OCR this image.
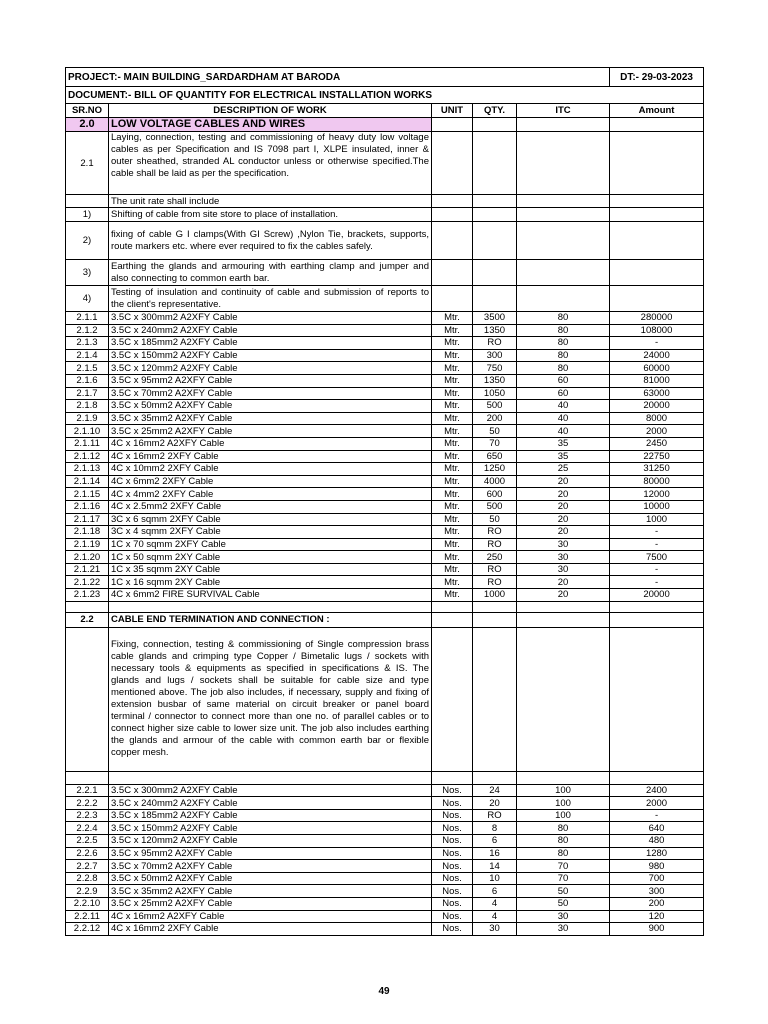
PROJECT:- MAIN BUILDING_SARDARDHAM AT BARODA					DT:- 29-03-2023
DOCUMENT:- BILL OF QUANTITY FOR ELECTRICAL INSTALLATION WORKS					
SR.NO	DESCRIPTION OF WORK	UNIT	QTY.	ITC	Amount
2.0	LOW VOLTAGE CABLES AND WIRES				
2.1	Laying, connection, testing and commissioning of heavy duty low voltage cables as per Specification and IS 7098 part I, XLPE insulated, inner & outer sheathed, stranded AL conductor unless or otherwise specified.The cable shall be laid as per the specification.				
	The unit rate shall include				
1)	Shifting of cable from site store to place of installation.				
2)	fixing of cable G I clamps(With GI Screw) ,Nylon Tie, brackets, supports, route markers etc. where ever required to fix the cables safely.				
3)	Earthing the glands and armouring with earthing clamp and jumper and also connecting to common earth bar.				
4)	Testing of insulation and continuity of cable and submission of reports to the client's representative.				
2.1.1	3.5C x 300mm2 A2XFY Cable	Mtr.	3500	80	280000
2.1.2	3.5C x 240mm2 A2XFY Cable	Mtr.	1350	80	108000
2.1.3	3.5C x 185mm2 A2XFY Cable	Mtr.	RO	80	-
2.1.4	3.5C x 150mm2 A2XFY Cable	Mtr.	300	80	24000
2.1.5	3.5C x 120mm2 A2XFY Cable	Mtr.	750	80	60000
2.1.6	3.5C x 95mm2 A2XFY Cable	Mtr.	1350	60	81000
2.1.7	3.5C x 70mm2 A2XFY Cable	Mtr.	1050	60	63000
2.1.8	3.5C x 50mm2 A2XFY Cable	Mtr.	500	40	20000
2.1.9	3.5C x 35mm2 A2XFY Cable	Mtr.	200	40	8000
2.1.10	3.5C x 25mm2 A2XFY Cable	Mtr.	50	40	2000
2.1.11	4C x 16mm2 A2XFY Cable	Mtr.	70	35	2450
2.1.12	4C x 16mm2 2XFY Cable	Mtr.	650	35	22750
2.1.13	4C x 10mm2 2XFY Cable	Mtr.	1250	25	31250
2.1.14	4C x 6mm2 2XFY Cable	Mtr.	4000	20	80000
2.1.15	4C x 4mm2 2XFY Cable	Mtr.	600	20	12000
2.1.16	4C x 2.5mm2 2XFY Cable	Mtr.	500	20	10000
2.1.17	3C x 6 sqmm 2XFY Cable	Mtr.	50	20	1000
2.1.18	3C x 4 sqmm 2XFY Cable	Mtr.	RO	20	-
2.1.19	1C x 70 sqmm 2XFY Cable	Mtr.	RO	30	-
2.1.20	1C x 50 sqmm 2XY Cable	Mtr.	250	30	7500
2.1.21	1C x 35 sqmm 2XY Cable	Mtr.	RO	30	-
2.1.22	1C x 16 sqmm 2XY Cable	Mtr.	RO	20	-
2.1.23	4C x 6mm2 FIRE SURVIVAL Cable	Mtr.	1000	20	20000

2.2	CABLE END TERMINATION AND CONNECTION :				
	Fixing, connection, testing & commissioning of Single compression brass cable glands and crimping type Copper / Bimetalic lugs / sockets with necessary tools & equipments as specified in specifications & IS. The glands and lugs / sockets shall be suitable for cable size and type mentioned above. The job also includes, if necessary, supply and fixing of extension busbar of same material on circuit breaker or panel board terminal / connector to connect more than one no. of parallel cables or to connect higher size cable to lower size unit. The job also includes earthing the glands and armour of the cable with common earth bar or flexible copper mesh.				

2.2.1	3.5C x 300mm2 A2XFY Cable	Nos.	24	100	2400
2.2.2	3.5C x 240mm2 A2XFY Cable	Nos.	20	100	2000
2.2.3	3.5C x 185mm2 A2XFY Cable	Nos.	RO	100	-
2.2.4	3.5C x 150mm2 A2XFY Cable	Nos.	8	80	640
2.2.5	3.5C x 120mm2 A2XFY Cable	Nos.	6	80	480
2.2.6	3.5C x 95mm2 A2XFY Cable	Nos.	16	80	1280
2.2.7	3.5C x 70mm2 A2XFY Cable	Nos.	14	70	980
2.2.8	3.5C x 50mm2 A2XFY Cable	Nos.	10	70	700
2.2.9	3.5C x 35mm2 A2XFY Cable	Nos.	6	50	300
2.2.10	3.5C x 25mm2 A2XFY Cable	Nos.	4	50	200
2.2.11	4C x 16mm2 A2XFY Cable	Nos.	4	30	120
2.2.12	4C x 16mm2 2XFY Cable	Nos.	30	30	900
49
